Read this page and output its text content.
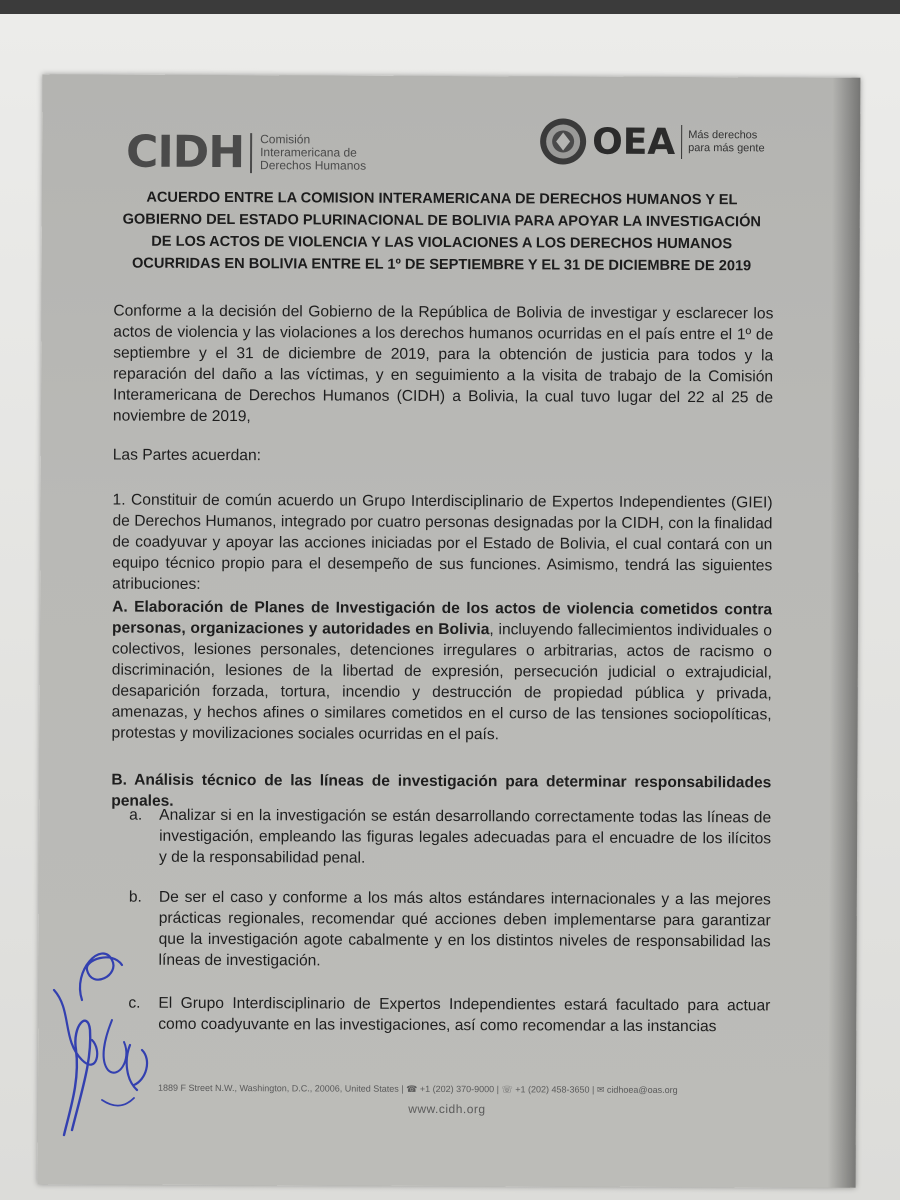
CIDH Comisión
Interamericana de
Derechos Humanos
OEA Más derechos
para más gente
ACUERDO ENTRE LA COMISION INTERAMERICANA DE DERECHOS HUMANOS Y EL GOBIERNO DEL ESTADO PLURINACIONAL DE BOLIVIA PARA APOYAR LA INVESTIGACIÓN DE LOS ACTOS DE VIOLENCIA Y LAS VIOLACIONES A LOS DERECHOS HUMANOS OCURRIDAS EN BOLIVIA ENTRE EL 1º DE SEPTIEMBRE Y EL 31 DE DICIEMBRE DE 2019
Conforme a la decisión del Gobierno de la República de Bolivia de investigar y esclarecer los actos de violencia y las violaciones a los derechos humanos ocurridas en el país entre el 1º de septiembre y el 31 de diciembre de 2019, para la obtención de justicia para todos y la reparación del daño a las víctimas, y en seguimiento a la visita de trabajo de la Comisión Interamericana de Derechos Humanos (CIDH) a Bolivia, la cual tuvo lugar del 22 al 25 de noviembre de 2019,
Las Partes acuerdan:
1. Constituir de común acuerdo un Grupo Interdisciplinario de Expertos Independientes (GIEI) de Derechos Humanos, integrado por cuatro personas designadas por la CIDH, con la finalidad de coadyuvar y apoyar las acciones iniciadas por el Estado de Bolivia, el cual contará con un equipo técnico propio para el desempeño de sus funciones. Asimismo, tendrá las siguientes atribuciones:
A. Elaboración de Planes de Investigación de los actos de violencia cometidos contra personas, organizaciones y autoridades en Bolivia, incluyendo fallecimientos individuales o colectivos, lesiones personales, detenciones irregulares o arbitrarias, actos de racismo o discriminación, lesiones de la libertad de expresión, persecución judicial o extrajudicial, desaparición forzada, tortura, incendio y destrucción de propiedad pública y privada, amenazas, y hechos afines o similares cometidos en el curso de las tensiones sociopolíticas, protestas y movilizaciones sociales ocurridas en el país.
B. Análisis técnico de las líneas de investigación para determinar responsabilidades penales.
a. Analizar si en la investigación se están desarrollando correctamente todas las líneas de investigación, empleando las figuras legales adecuadas para el encuadre de los ilícitos y de la responsabilidad penal.
b. De ser el caso y conforme a los más altos estándares internacionales y a las mejores prácticas regionales, recomendar qué acciones deben implementarse para garantizar que la investigación agote cabalmente y en los distintos niveles de responsabilidad las líneas de investigación.
c. El Grupo Interdisciplinario de Expertos Independientes estará facultado para actuar como coadyuvante en las investigaciones, así como recomendar a las instancias
1889 F Street N.W., Washington, D.C., 20006, United States | ☎ +1 (202) 370-9000 | ☏ +1 (202) 458-3650 | ✉ cidhoea@oas.org
www.cidh.org
